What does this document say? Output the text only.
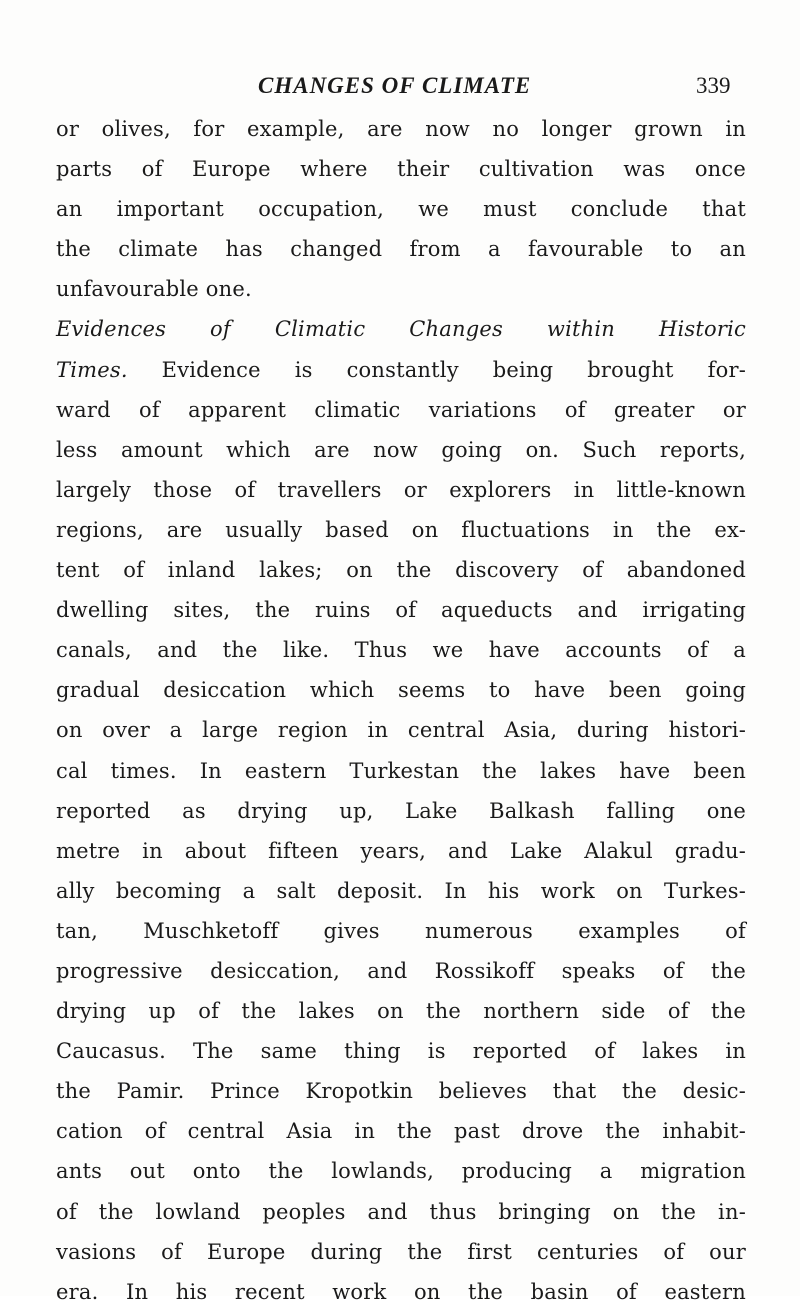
CHANGES OF CLIMATE	339
or olives, for example, are now no longer grown in
parts of Europe where their cultivation was once
an important occupation, we must conclude that
the climate has changed from a favourable to an
unfavourable one.
Evidences of Climatic Changes within Historic
Times. Evidence is constantly being brought for-
ward of apparent climatic variations of greater or
less amount which are now going on. Such reports,
largely those of travellers or explorers in little-known
regions, are usually based on fluctuations in the ex-
tent of inland lakes; on the discovery of abandoned
dwelling sites, the ruins of aqueducts and irrigating
canals, and the like. Thus we have accounts of a
gradual desiccation which seems to have been going
on over a large region in central Asia, during histori-
cal times. In eastern Turkestan the lakes have been
reported as drying up, Lake Balkash falling one
metre in about fifteen years, and Lake Alakul gradu-
ally becoming a salt deposit. In his work on Turkes-
tan, Muschketoff gives numerous examples of
progressive desiccation, and Rossikoff speaks of the
drying up of the lakes on the northern side of the
Caucasus. The same thing is reported of lakes in
the Pamir. Prince Kropotkin believes that the desic-
cation of central Asia in the past drove the inhabit-
ants out onto the lowlands, producing a migration
of the lowland peoples and thus bringing on the in-
vasions of Europe during the first centuries of our
era. In his recent work on the basin of eastern
